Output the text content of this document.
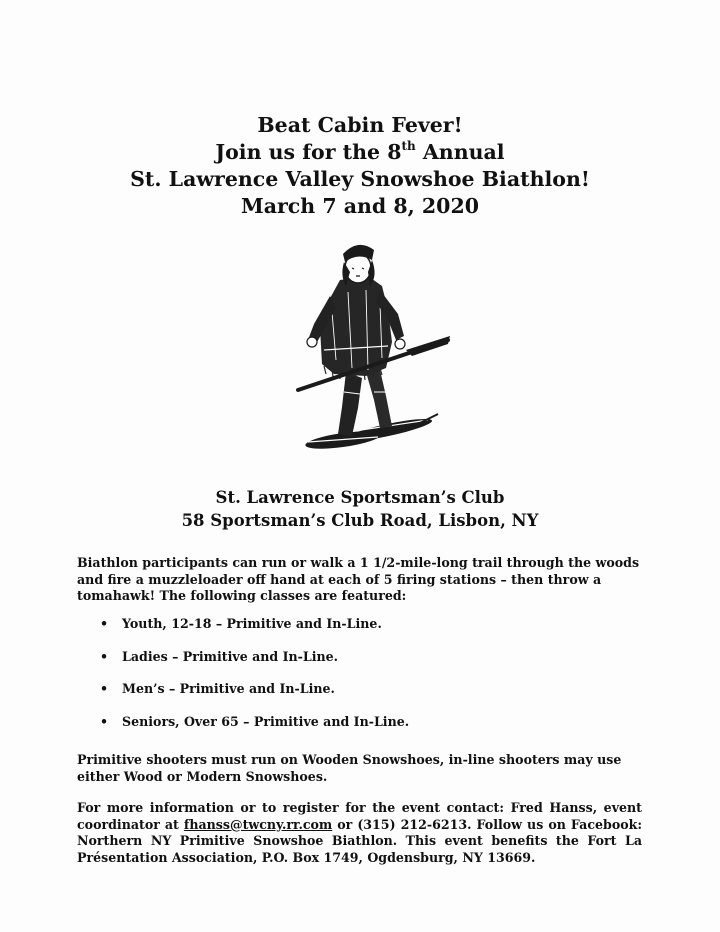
Beat Cabin Fever!
Join us for the 8th Annual
St. Lawrence Valley Snowshoe Biathlon!
March 7 and 8, 2020
St. Lawrence Sportsman’s Club
58 Sportsman’s Club Road, Lisbon, NY
Biathlon participants can run or walk a 1 1/2-mile-long trail through the woods and fire a muzzleloader off hand at each of 5 firing stations – then throw a tomahawk! The following classes are featured:
• Youth, 12-18 – Primitive and In-Line.
• Ladies – Primitive and In-Line.
• Men’s – Primitive and In-Line.
• Seniors, Over 65 – Primitive and In-Line.
Primitive shooters must run on Wooden Snowshoes, in-line shooters may use either Wood or Modern Snowshoes.
For more information or to register for the event contact: Fred Hanss, event coordinator at fhanss@twcny.rr.com or (315) 212-6213. Follow us on Facebook: Northern NY Primitive Snowshoe Biathlon. This event benefits the Fort La Présentation Association, P.O. Box 1749, Ogdensburg, NY 13669.
